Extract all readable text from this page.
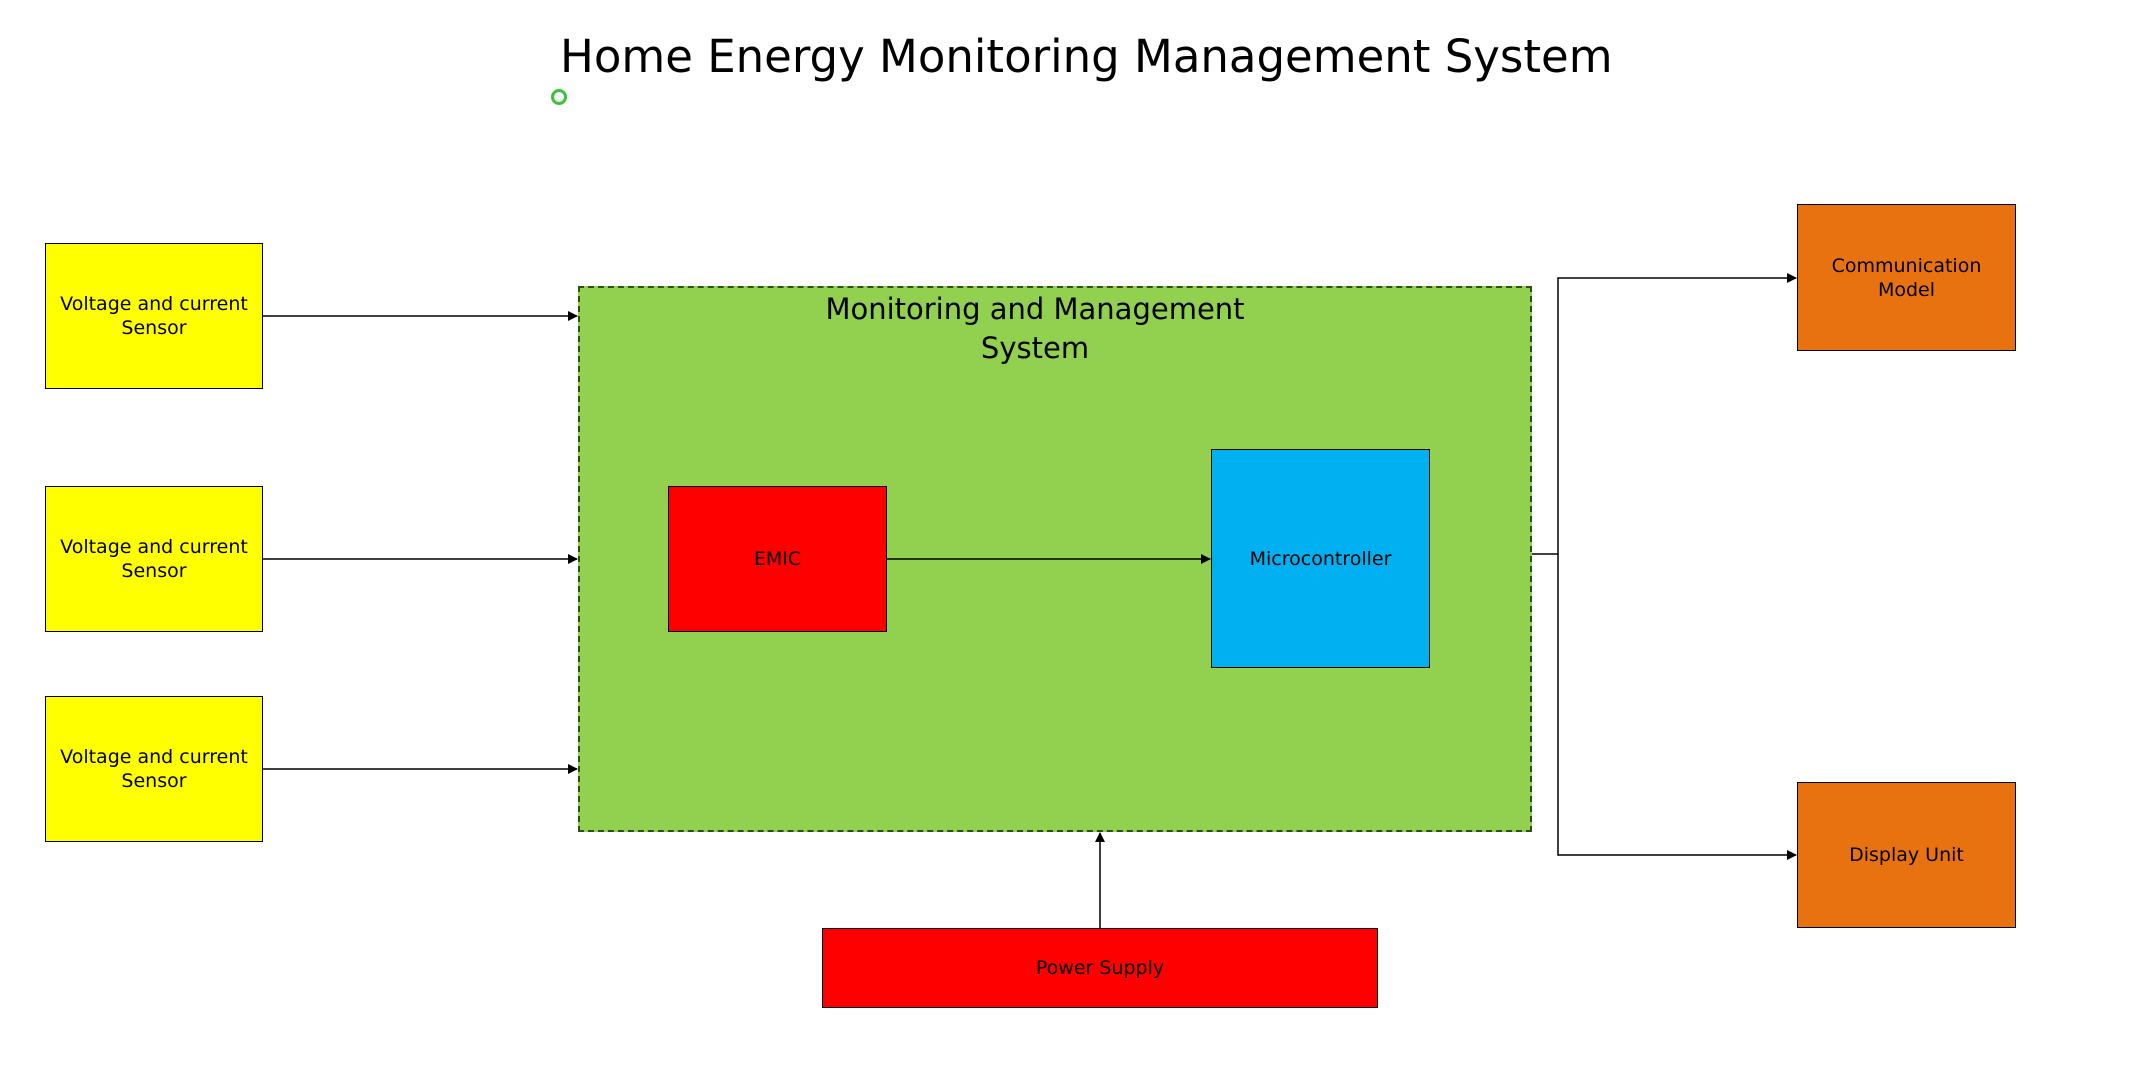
Home Energy Monitoring Management System
Monitoring and Management
System
Voltage and current Sensor
Voltage and current Sensor
Voltage and current Sensor
EMIC	Microcontroller
Power Supply
Communication Model
Display Unit
